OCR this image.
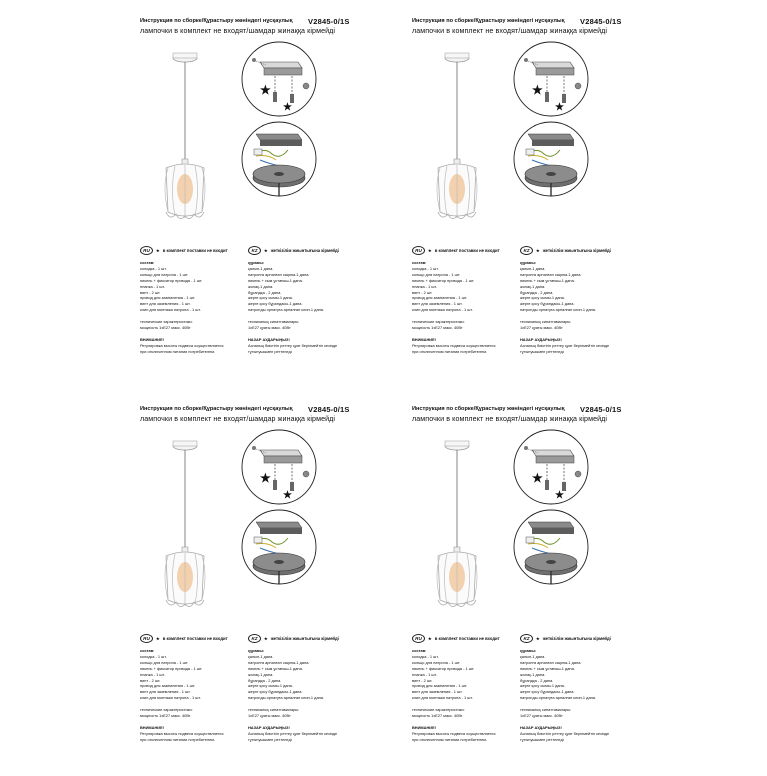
Инструкция по сборке/Құрастыру жөніндегі нұсқаулық V2845-0/1S
лампочки в комплект не входят/шамдар жинаққа кірмейді
★
★
RU	★ в комплект поставки не входит	KZ	★ жеткізілім жиынтығына кірмейді
состав:
колодка - 1 шт.
кольцо для патрона - 1 шт.
никель + фиксатор провода - 1 шт.
планка - 1 шт.
винт - 2 шт.
провод для заземления - 1 шт.
винт для заземления - 1 шт.
клин для монтажа патрона - 1 шт.
технические характеристики:
мощность 1xE27 макс. 40Вт
ВНИМАНИЕ!
Регулировка высоты подвеса осуществляется
при отключенном питании потребителем.
құрамы:
қалып-1 дана.
патронға арналған сақина-1 дана.
никель + сым ұстағыш-1 дана.
жолақ-1 дана.
бұрандқа - 2 дана.
жерге қосу сымы-1 дана.
жерге қосу бұрандасы-1 дана.
патронды орнатуға арналған клин-1 дана.
техникалық сипаттамалары:
1xE27 қуаты макс. 40Вт
НАЗАР АУДАРЫҢЫЗ!
Аспаның биіктігін реттеу қуат берілмейтін кезінде
тұтынушымен реттеледі
Инструкция по сборке/Құрастыру жөніндегі нұсқаулық V2845-0/1S
лампочки в комплект не входят/шамдар жинаққа кірмейді
★
★
RU	★ в комплект поставки не входит	KZ	★ жеткізілім жиынтығына кірмейді
состав:
колодка - 1 шт.
кольцо для патрона - 1 шт.
никель + фиксатор провода - 1 шт.
планка - 1 шт.
винт - 2 шт.
провод для заземления - 1 шт.
винт для заземления - 1 шт.
клин для монтажа патрона - 1 шт.
технические характеристики:
мощность 1xE27 макс. 40Вт
ВНИМАНИЕ!
Регулировка высоты подвеса осуществляется
при отключенном питании потребителем.
құрамы:
қалып-1 дана.
патронға арналған сақина-1 дана.
никель + сым ұстағыш-1 дана.
жолақ-1 дана.
бұрандқа - 2 дана.
жерге қосу сымы-1 дана.
жерге қосу бұрандасы-1 дана.
патронды орнатуға арналған клин-1 дана.
техникалық сипаттамалары:
1xE27 қуаты макс. 40Вт
НАЗАР АУДАРЫҢЫЗ!
Аспаның биіктігін реттеу қуат берілмейтін кезінде
тұтынушымен реттеледі
Инструкция по сборке/Құрастыру жөніндегі нұсқаулық V2845-0/1S
лампочки в комплект не входят/шамдар жинаққа кірмейді
★
★
RU	★ в комплект поставки не входит	KZ	★ жеткізілім жиынтығына кірмейді
состав:
колодка - 1 шт.
кольцо для патрона - 1 шт.
никель + фиксатор провода - 1 шт.
планка - 1 шт.
винт - 2 шт.
провод для заземления - 1 шт.
винт для заземления - 1 шт.
клин для монтажа патрона - 1 шт.
технические характеристики:
мощность 1xE27 макс. 40Вт
ВНИМАНИЕ!
Регулировка высоты подвеса осуществляется
при отключенном питании потребителем.
құрамы:
қалып-1 дана.
патронға арналған сақина-1 дана.
никель + сым ұстағыш-1 дана.
жолақ-1 дана.
бұрандқа - 2 дана.
жерге қосу сымы-1 дана.
жерге қосу бұрандасы-1 дана.
патронды орнатуға арналған клин-1 дана.
техникалық сипаттамалары:
1xE27 қуаты макс. 40Вт
НАЗАР АУДАРЫҢЫЗ!
Аспаның биіктігін реттеу қуат берілмейтін кезінде
тұтынушымен реттеледі
Инструкция по сборке/Құрастыру жөніндегі нұсқаулық V2845-0/1S
лампочки в комплект не входят/шамдар жинаққа кірмейді
★
★
RU	★ в комплект поставки не входит	KZ	★ жеткізілім жиынтығына кірмейді
состав:
колодка - 1 шт.
кольцо для патрона - 1 шт.
никель + фиксатор провода - 1 шт.
планка - 1 шт.
винт - 2 шт.
провод для заземления - 1 шт.
винт для заземления - 1 шт.
клин для монтажа патрона - 1 шт.
технические характеристики:
мощность 1xE27 макс. 40Вт
ВНИМАНИЕ!
Регулировка высоты подвеса осуществляется
при отключенном питании потребителем.
құрамы:
қалып-1 дана.
патронға арналған сақина-1 дана.
никель + сым ұстағыш-1 дана.
жолақ-1 дана.
бұрандқа - 2 дана.
жерге қосу сымы-1 дана.
жерге қосу бұрандасы-1 дана.
патронды орнатуға арналған клин-1 дана.
техникалық сипаттамалары:
1xE27 қуаты макс. 40Вт
НАЗАР АУДАРЫҢЫЗ!
Аспаның биіктігін реттеу қуат берілмейтін кезінде
тұтынушымен реттеледі
